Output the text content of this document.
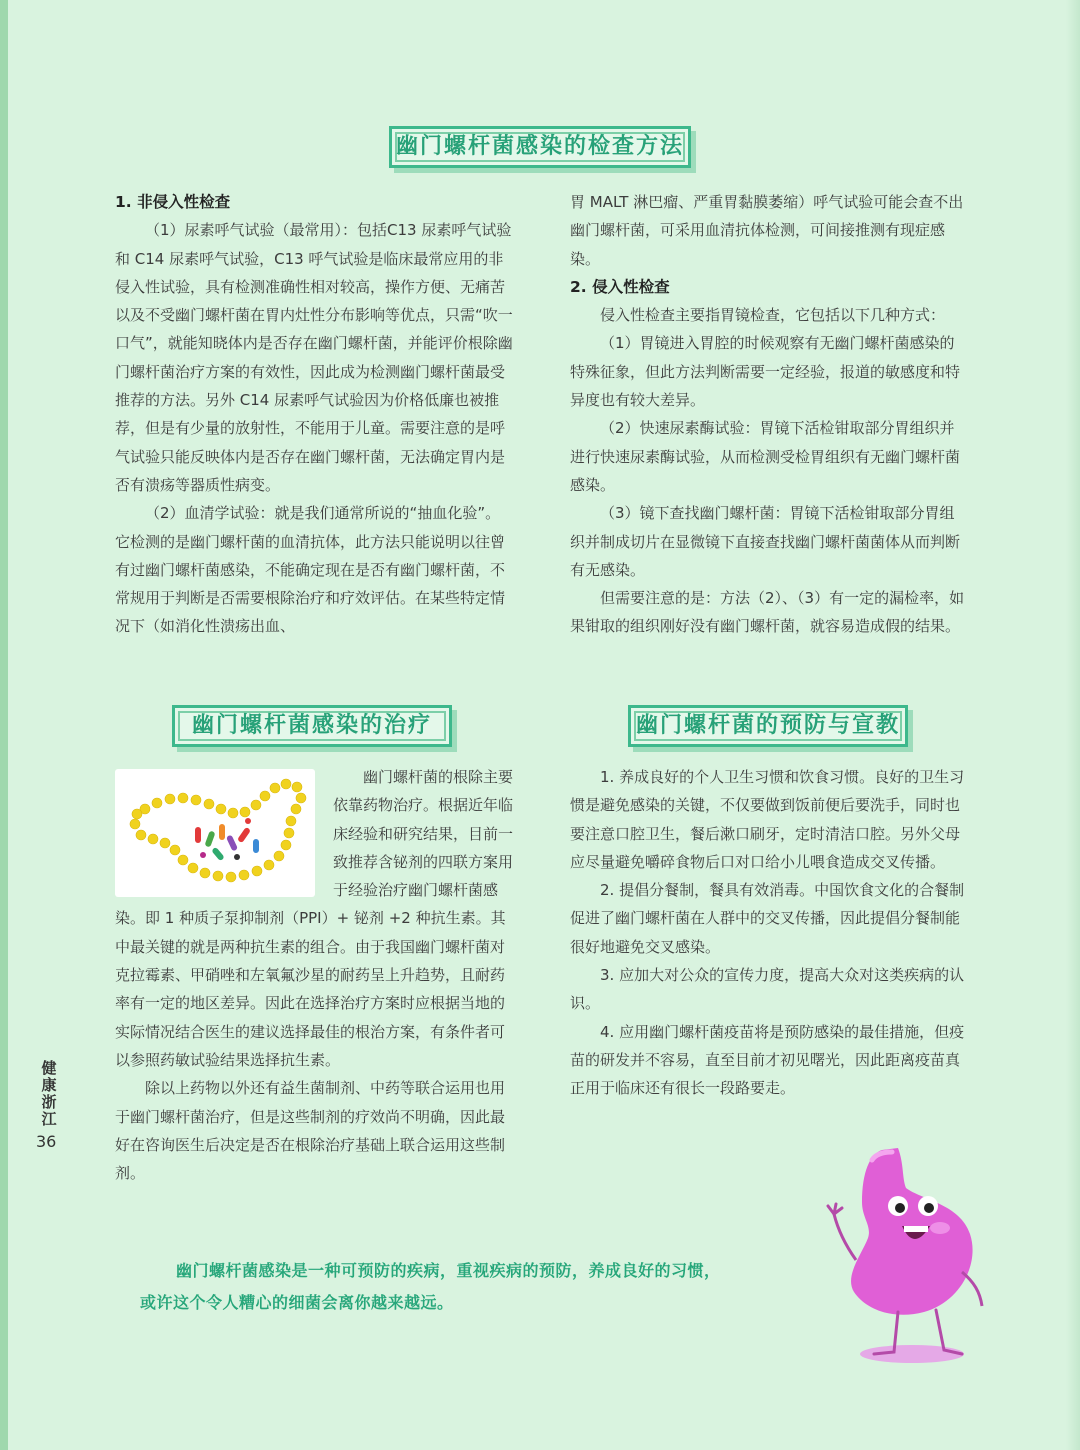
幽门螺杆菌感染的检查方法
1. 非侵入性检查

（1）尿素呼气试验（最常用）：包括C13 尿素呼气试验和 C14 尿素呼气试验，C13 呼气试验是临床最常应用的非侵入性试验，具有检测准确性相对较高，操作方便、无痛苦以及不受幽门螺杆菌在胃内灶性分布影响等优点，只需“吹一口气”，就能知晓体内是否存在幽门螺杆菌，并能评价根除幽门螺杆菌治疗方案的有效性，因此成为检测幽门螺杆菌最受推荐的方法。另外 C14 尿素呼气试验因为价格低廉也被推荐，但是有少量的放射性，不能用于儿童。需要注意的是呼气试验只能反映体内是否存在幽门螺杆菌，无法确定胃内是否有溃疡等器质性病变。

（2）血清学试验：就是我们通常所说的“抽血化验”。它检测的是幽门螺杆菌的血清抗体，此方法只能说明以往曾有过幽门螺杆菌感染，不能确定现在是否有幽门螺杆菌，不常规用于判断是否需要根除治疗和疗效评估。在某些特定情况下（如消化性溃疡出血、

胃 MALT 淋巴瘤、严重胃黏膜萎缩）呼气试验可能会查不出幽门螺杆菌，可采用血清抗体检测，可间接推测有现症感染。

2. 侵入性检查

侵入性检查主要指胃镜检查，它包括以下几种方式：

（1）胃镜进入胃腔的时候观察有无幽门螺杆菌感染的特殊征象，但此方法判断需要一定经验，报道的敏感度和特异度也有较大差异。

（2）快速尿素酶试验：胃镜下活检钳取部分胃组织并进行快速尿素酶试验，从而检测受检胃组织有无幽门螺杆菌感染。

（3）镜下查找幽门螺杆菌：胃镜下活检钳取部分胃组织并制成切片在显微镜下直接查找幽门螺杆菌菌体从而判断有无感染。

但需要注意的是：方法（2）、（3）有一定的漏检率，如果钳取的组织刚好没有幽门螺杆菌，就容易造成假的结果。

幽门螺杆菌感染的治疗	幽门螺杆菌的预防与宣教

幽门螺杆菌的根除主要依靠药物治疗。根据近年临床经验和研究结果，目前一致推荐含铋剂的四联方案用于经验治疗幽门螺杆菌感染。即 1 种质子泵抑制剂（PPI）+ 铋剂 +2 种抗生素。其中最关键的就是两种抗生素的组合。由于我国幽门螺杆菌对克拉霉素、甲硝唑和左氧氟沙星的耐药呈上升趋势，且耐药率有一定的地区差异。因此在选择治疗方案时应根据当地的实际情况结合医生的建议选择最佳的根治方案，有条件者可以参照药敏试验结果选择抗生素。

除以上药物以外还有益生菌制剂、中药等联合运用也用于幽门螺杆菌治疗，但是这些制剂的疗效尚不明确，因此最好在咨询医生后决定是否在根除治疗基础上联合运用这些制剂。

1. 养成良好的个人卫生习惯和饮食习惯。良好的卫生习惯是避免感染的关键，不仅要做到饭前便后要洗手，同时也要注意口腔卫生，餐后漱口刷牙，定时清洁口腔。另外父母应尽量避免嚼碎食物后口对口给小儿喂食造成交叉传播。

2. 提倡分餐制，餐具有效消毒。中国饮食文化的合餐制促进了幽门螺杆菌在人群中的交叉传播，因此提倡分餐制能很好地避免交叉感染。

3. 应加大对公众的宣传力度，提高大众对这类疾病的认识。

4. 应用幽门螺杆菌疫苗将是预防感染的最佳措施，但疫苗的研发并不容易，直至目前才初见曙光，因此距离疫苗真正用于临床还有很长一段路要走。

健
康
浙
江
36
幽门螺杆菌感染是一种可预防的疾病，重视疾病的预防，养成良好的习惯，
或许这个令人糟心的细菌会离你越来越远。
